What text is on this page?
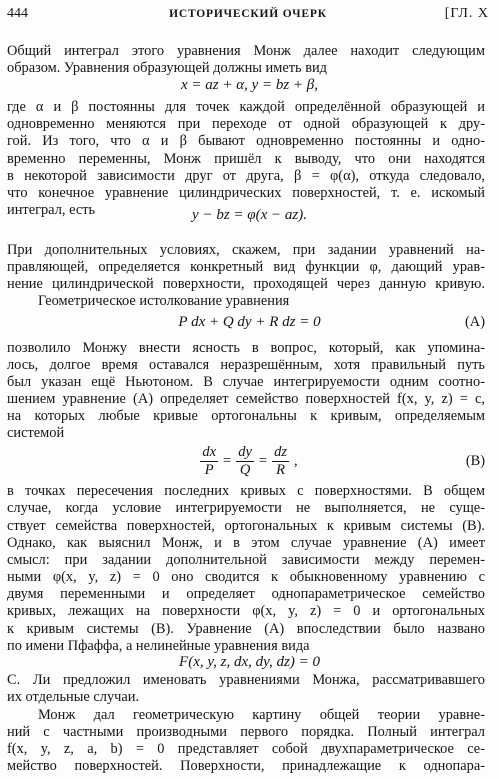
444	ИСТОРИЧЕСКИЙ ОЧЕРК	[ГЛ. X
Общий интеграл этого уравнения Монж далее находит следующим
образом. Уравнения образующей должны иметь вид
x = az + α, y = bz + β,
где α и β постоянны для точек каждой определённой образующей и
одновременно меняются при переходе от одной образующей к дру-
гой. Из того, что α и β бывают одновременно постоянны и одно-
временно переменны, Монж пришёл к выводу, что они находятся
в некоторой зависимости друг от друга, β = φ(α), откуда следовало,
что конечное уравнение цилиндрических поверхностей, т. е. искомый
интеграл, есть	y − bz = φ(x − az).
При дополнительных условиях, скажем, при задании уравнений на-
правляющей, определяется конкретный вид функции φ, дающий урав-
нение цилиндрической поверхности, проходящей через данную кривую.
Геометрическое истолкование уравнения
P dx + Q dy + R dz = 0	(A)
позволило Монжу внести ясность в вопрос, который, как упомина-
лось, долгое время оставался неразрешённым, хотя правильный путь
был указан ещё Ньютоном. В случае интегрируемости одним соотно-
шением уравнение (A) определяет семейство поверхностей f(x, y, z) = c,
на которых любые кривые ортогональны к кривым, определяемым
системой
$\frac{dx}{P} = \frac{dy}{Q} = \frac{dz}{R}$ ,	(B)
в точках пересечения последних кривых с поверхностями. В общем
случае, когда условие интегрируемости не выполняется, не суще-
ствует семейства поверхностей, ортогональных к кривым системы (B).
Однако, как выяснил Монж, и в этом случае уравнение (A) имеет
смысл: при задании дополнительной зависимости между перемен-
ными φ(x, y, z) = 0 оно сводится к обыкновенному уравнению с
двумя переменными и определяет однопараметрическое семейство
кривых, лежащих на поверхности φ(x, y, z) = 0 и ортогональных
к кривым системы (B). Уравнение (A) впоследствии было названо
по имени Пфаффа, а нелинейные уравнения вида
F(x, y, z, dx, dy, dz) = 0
С. Ли предложил именовать уравнениями Монжа, рассматривавшего
их отдельные случаи.
Монж дал геометрическую картину общей теории уравне-
ний с частными производными первого порядка. Полный интеграл
f(x, y, z, a, b) = 0 представляет собой двухпараметрическое се-
мейство поверхностей. Поверхности, принадлежащие к однопара-
